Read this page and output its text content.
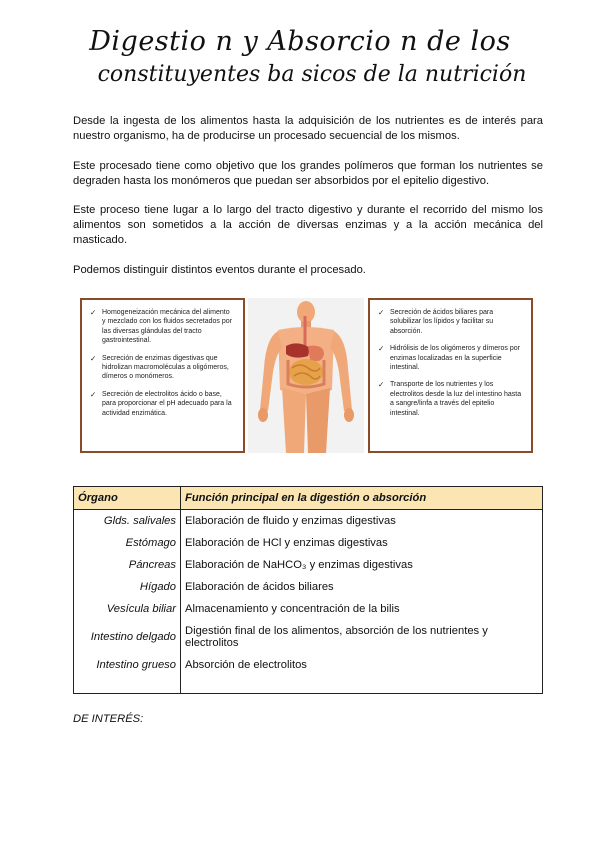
Digestio n y Absorcio n de los
constituyentes ba sicos de la nutrición

Desde la ingesta de los alimentos hasta la adquisición de los nutrientes es de interés para nuestro organismo, ha de producirse un procesado secuencial de los mismos.

Este procesado tiene como objetivo que los grandes polímeros que forman los nutrientes se degraden hasta los monómeros que puedan ser absorbidos por el epitelio digestivo.

Este proceso tiene lugar a lo largo del tracto digestivo y durante el recorrido del mismo los alimentos son sometidos a la acción de diversas enzimas y a la acción mecánica del masticado.

Podemos distinguir distintos eventos durante el procesado.

✓ Homogeneización mecánica del alimento y mezclado con los fluidos secretados por las diversas glándulas del tracto gastrointestinal.
✓ Secreción de enzimas digestivas que hidrolizan macromoléculas a oligómeros, dímeros o monómeros.
✓ Secreción de electrolitos ácido o base, para proporcionar el pH adecuado para la actividad enzimática.
✓ Secreción de ácidos biliares para solubilizar los lípidos y facilitar su absorción.
✓ Hidrólisis de los oligómeros y dímeros por enzimas localizadas en la superficie intestinal.
✓ Transporte de los nutrientes y los electrolitos desde la luz del intestino hasta a sangre/linfa a través del epitelio intestinal.
Órgano	Función principal en la digestión o absorción
Glds. salivales	Elaboración de fluido y enzimas digestivas
Estómago	Elaboración de HCl y enzimas digestivas
Páncreas	Elaboración de NaHCO₃ y enzimas digestivas
Hígado	Elaboración de ácidos biliares
Vesícula biliar	Almacenamiento y concentración de la bilis
Intestino delgado	Digestión final de los alimentos, absorción de los nutrientes y electrolitos
Intestino grueso	Absorción de electrolitos
DE INTERÉS:
